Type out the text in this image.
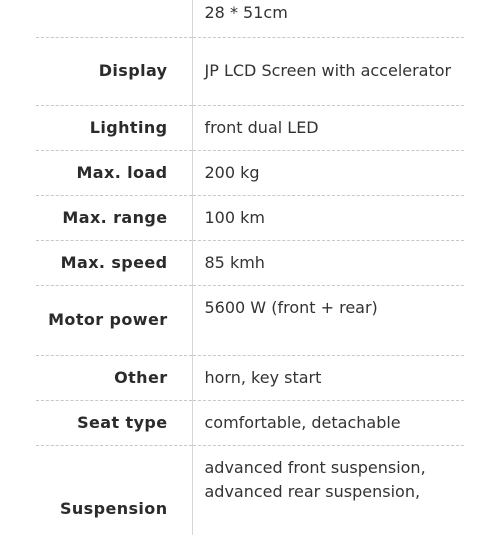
	28 * 51cm
Display	JP LCD Screen with accelerator
Lighting	front dual LED
Max. load	200 kg
Max. range	100 km
Max. speed	85 kmh
Motor power	5600 W (front + rear)
Other	horn, key start
Seat type	comfortable, detachable
Suspension	advanced front suspension, advanced rear suspension,
